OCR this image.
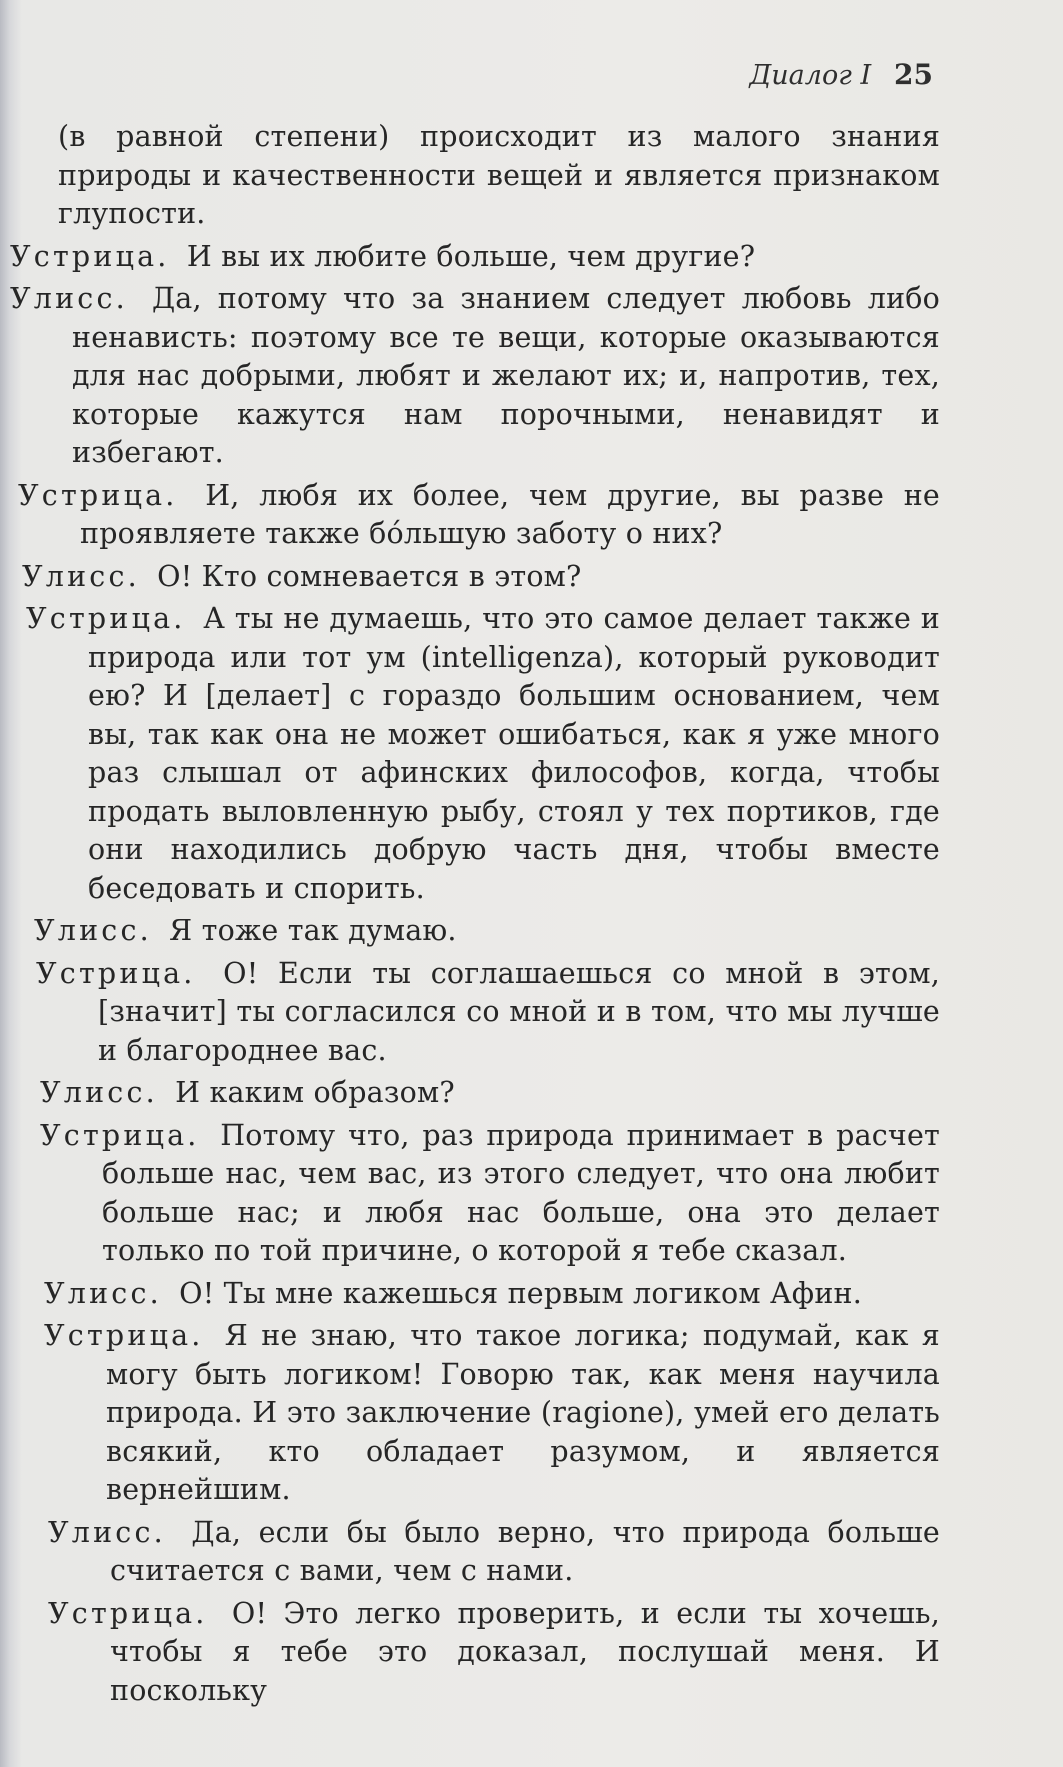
Диалог I 25

(в равной степени) происходит из малого знания природы и качественности вещей и является признаком глупости.

Устрица. И вы их любите больше, чем другие?

Улисс. Да, потому что за знанием следует любовь либо ненависть: поэтому все те вещи, которые оказываются для нас добрыми, любят и желают их; и, напротив, тех, которые кажутся нам порочными, ненавидят и избегают.

Устрица. И, любя их более, чем другие, вы разве не проявляете также бóльшую заботу о них?

Улисс. О! Кто сомневается в этом?

Устрица. А ты не думаешь, что это самое делает также и природа или тот ум (intelligenza), который руководит ею? И [делает] с гораздо большим основанием, чем вы, так как она не может ошибаться, как я уже много раз слышал от афинских философов, когда, чтобы продать выловленную рыбу, стоял у тех портиков, где они находились добрую часть дня, чтобы вместе беседовать и спорить.

Улисс. Я тоже так думаю.

Устрица. О! Если ты соглашаешься со мной в этом, [значит] ты согласился со мной и в том, что мы лучше и благороднее вас.

Улисс. И каким образом?

Устрица. Потому что, раз природа принимает в расчет больше нас, чем вас, из этого следует, что она любит больше нас; и любя нас больше, она это делает только по той причине, о которой я тебе сказал.

Улисс. О! Ты мне кажешься первым логиком Афин.

Устрица. Я не знаю, что такое логика; подумай, как я могу быть логиком! Говорю так, как меня научила природа. И это заключение (ragione), умей его делать всякий, кто обладает разумом, и является вернейшим.

Улисс. Да, если бы было верно, что природа больше считается с вами, чем с нами.

Устрица. О! Это легко проверить, и если ты хочешь, чтобы я тебе это доказал, послушай меня. И поскольку
